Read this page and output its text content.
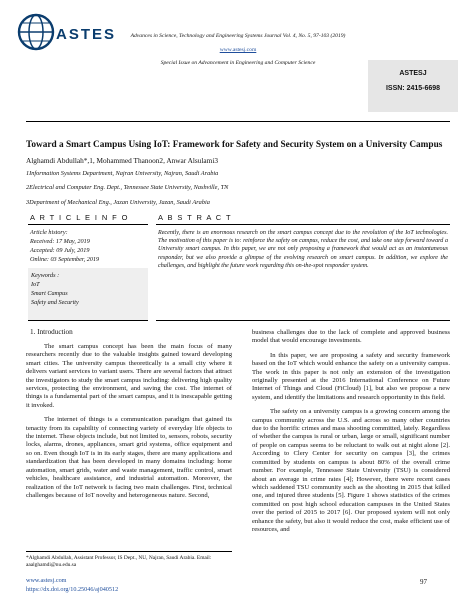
ASTES	Advances in Science, Technology and Engineering Systems Journal Vol. 4, No. 5, 97-103 (2019)
www.astesj.com
Special Issue on Advancement in Engineering and Computer Science
ASTESJ
ISSN: 2415-6698
Toward a Smart Campus Using IoT: Framework for Safety and Security System on a University Campus
Alghamdi Abdullah*,1, Mohammed Thanoon2, Anwar Alsulami3
1Information Systems Department, Najran University, Najran, Saudi Arabia
2Electrical and Computer Eng. Dept., Tennessee State University, Nashville, TN
3Department of Mechanical Eng., Jazan University, Jazan, Saudi Arabia
A R T I C L E I N F O	A B S T R A C T
Article history:
Received: 17 May, 2019
Accepted: 09 July, 2019
Online: 03 September, 2019
Keywords :
IoT
Smart Campus
Safety and Security
Recently, there is an enormous research on the smart campus concept due to the revolution of the IoT technologies. The motivation of this paper is to: reinforce the safety on campus, reduce the cost, and take one step forward toward a University smart campus. In this paper, we are not only proposing a framework that would act as an instantaneous responder, but we also provide a glimpse of the evolving research on smart campus. In addition, we explore the challenges, and highlight the future work regarding this on-the-spot responder system.
1. Introduction

The smart campus concept has been the main focus of many researchers recently due to the valuable insights gained toward developing smart cities. The university campus theoretically is a small city where it delivers variant services to variant users. There are several factors that attract the investigators to study the smart campus including: delivering high quality services, protecting the environment, and saving the cost. The internet of things is a fundamental part of the smart campus, and it is inescapable getting it invoked.

The internet of things is a communication paradigm that gained its tenacity from its capability of connecting variety of everyday life objects to the internet. These objects include, but not limited to, sensors, robots, security locks, alarms, drones, appliances, smart grid systems, office equipment and so on. Even though IoT is in its early stages, there are many applications and standardization that has been developed in many domains including: home automation, smart grids, water and waste management, traffic control, smart vehicles, healthcare assistance, and industrial automation. Moreover, the realization of the IoT network is facing two main challenges. First, technical challenges because of IoT novelty and heterogeneous nature. Second,

*Alghamdi Abdullah, Assistant Professor, IS Dept., NU, Najran, Saudi Arabia. Email: aaalghamdi@nu.edu.sa
www.astesj.com
https://dx.doi.org/10.25046/aj040512

business challenges due to the lack of complete and approved business model that would encourage investments.

In this paper, we are proposing a safety and security framework based on the IoT which would enhance the safety on a university campus. The work in this paper is not only an extension of the investigation originally presented at the 2016 International Conference on Future Internet of Things and Cloud (FiCloud) [1], but also we propose a new system, and identify the limitations and research opportunity in this field.

The safety on a university campus is a growing concern among the campus community across the U.S. and across so many other countries due to the horrific crimes and mass shooting committed, lately. Regardless of whether the campus is rural or urban, large or small, significant number of people on campus seems to be reluctant to walk out at night alone [2]. According to Clery Center for security on campus [3], the crimes committed by students on campus is about 80% of the overall crime number. For example, Tennessee State University (TSU) is considered about an average in crime rates [4]; However, there were recent cases which saddened TSU community such as the shooting in 2015 that killed one, and injured three students [5]. Figure 1 shows statistics of the crimes committed on post high school education campuses in the United States over the period of 2015 to 2017 [6]. Our proposed system will not only enhance the safety, but also it would reduce the cost, make efficient use of resources, and

97
